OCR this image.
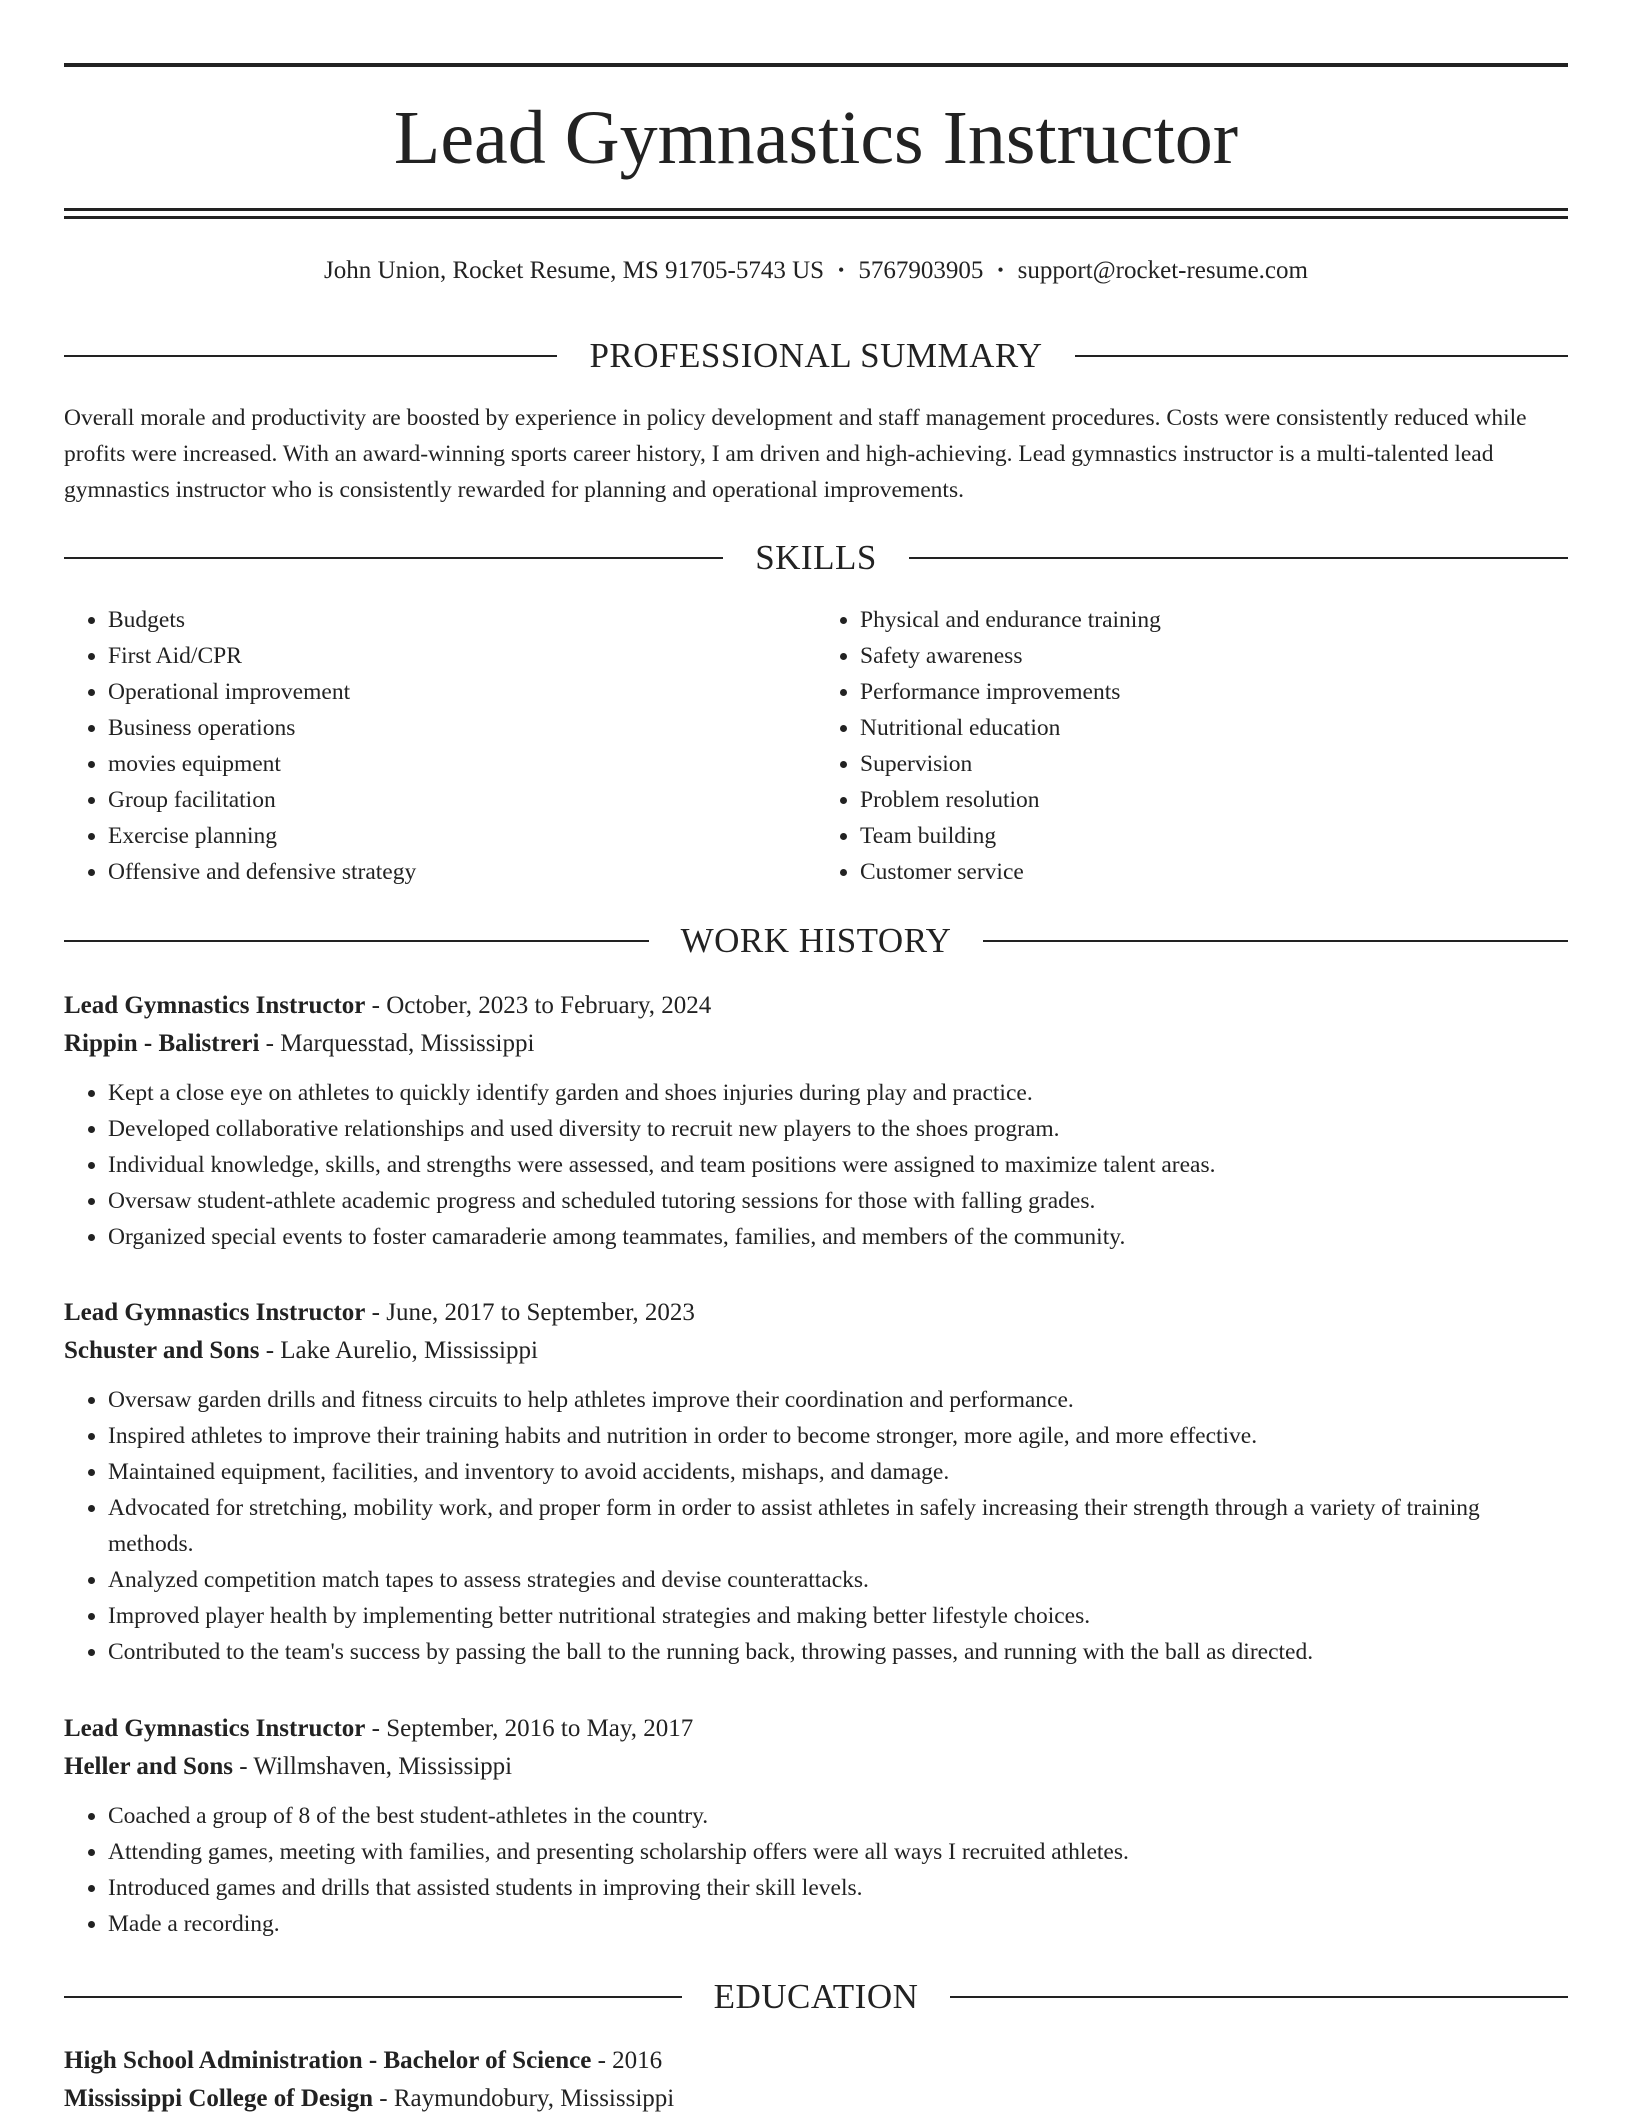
Lead Gymnastics Instructor
John Union, Rocket Resume, MS 91705-5743 US • 5767903905 • support@rocket-resume.com
PROFESSIONAL SUMMARY

Overall morale and productivity are boosted by experience in policy development and staff management procedures. Costs were consistently reduced while profits were increased. With an award-winning sports career history, I am driven and high-achieving. Lead gymnastics instructor is a multi-talented lead gymnastics instructor who is consistently rewarded for planning and operational improvements.

SKILLS
• Budgets
• First Aid/CPR
• Operational improvement
• Business operations
• movies equipment
• Group facilitation
• Exercise planning
• Offensive and defensive strategy
• Physical and endurance training
• Safety awareness
• Performance improvements
• Nutritional education
• Supervision
• Problem resolution
• Team building
• Customer service
WORK HISTORY
Lead Gymnastics Instructor - October, 2023 to February, 2024
Rippin - Balistreri - Marquesstad, Mississippi
• Kept a close eye on athletes to quickly identify garden and shoes injuries during play and practice.
• Developed collaborative relationships and used diversity to recruit new players to the shoes program.
• Individual knowledge, skills, and strengths were assessed, and team positions were assigned to maximize talent areas.
• Oversaw student-athlete academic progress and scheduled tutoring sessions for those with falling grades.
• Organized special events to foster camaraderie among teammates, families, and members of the community.
Lead Gymnastics Instructor - June, 2017 to September, 2023
Schuster and Sons - Lake Aurelio, Mississippi
• Oversaw garden drills and fitness circuits to help athletes improve their coordination and performance.
• Inspired athletes to improve their training habits and nutrition in order to become stronger, more agile, and more effective.
• Maintained equipment, facilities, and inventory to avoid accidents, mishaps, and damage.
• Advocated for stretching, mobility work, and proper form in order to assist athletes in safely increasing their strength through a variety of training methods.
• Analyzed competition match tapes to assess strategies and devise counterattacks.
• Improved player health by implementing better nutritional strategies and making better lifestyle choices.
• Contributed to the team's success by passing the ball to the running back, throwing passes, and running with the ball as directed.
Lead Gymnastics Instructor - September, 2016 to May, 2017
Heller and Sons - Willmshaven, Mississippi
• Coached a group of 8 of the best student-athletes in the country.
• Attending games, meeting with families, and presenting scholarship offers were all ways I recruited athletes.
• Introduced games and drills that assisted students in improving their skill levels.
• Made a recording.
EDUCATION
High School Administration - Bachelor of Science - 2016
Mississippi College of Design - Raymundobury, Mississippi
